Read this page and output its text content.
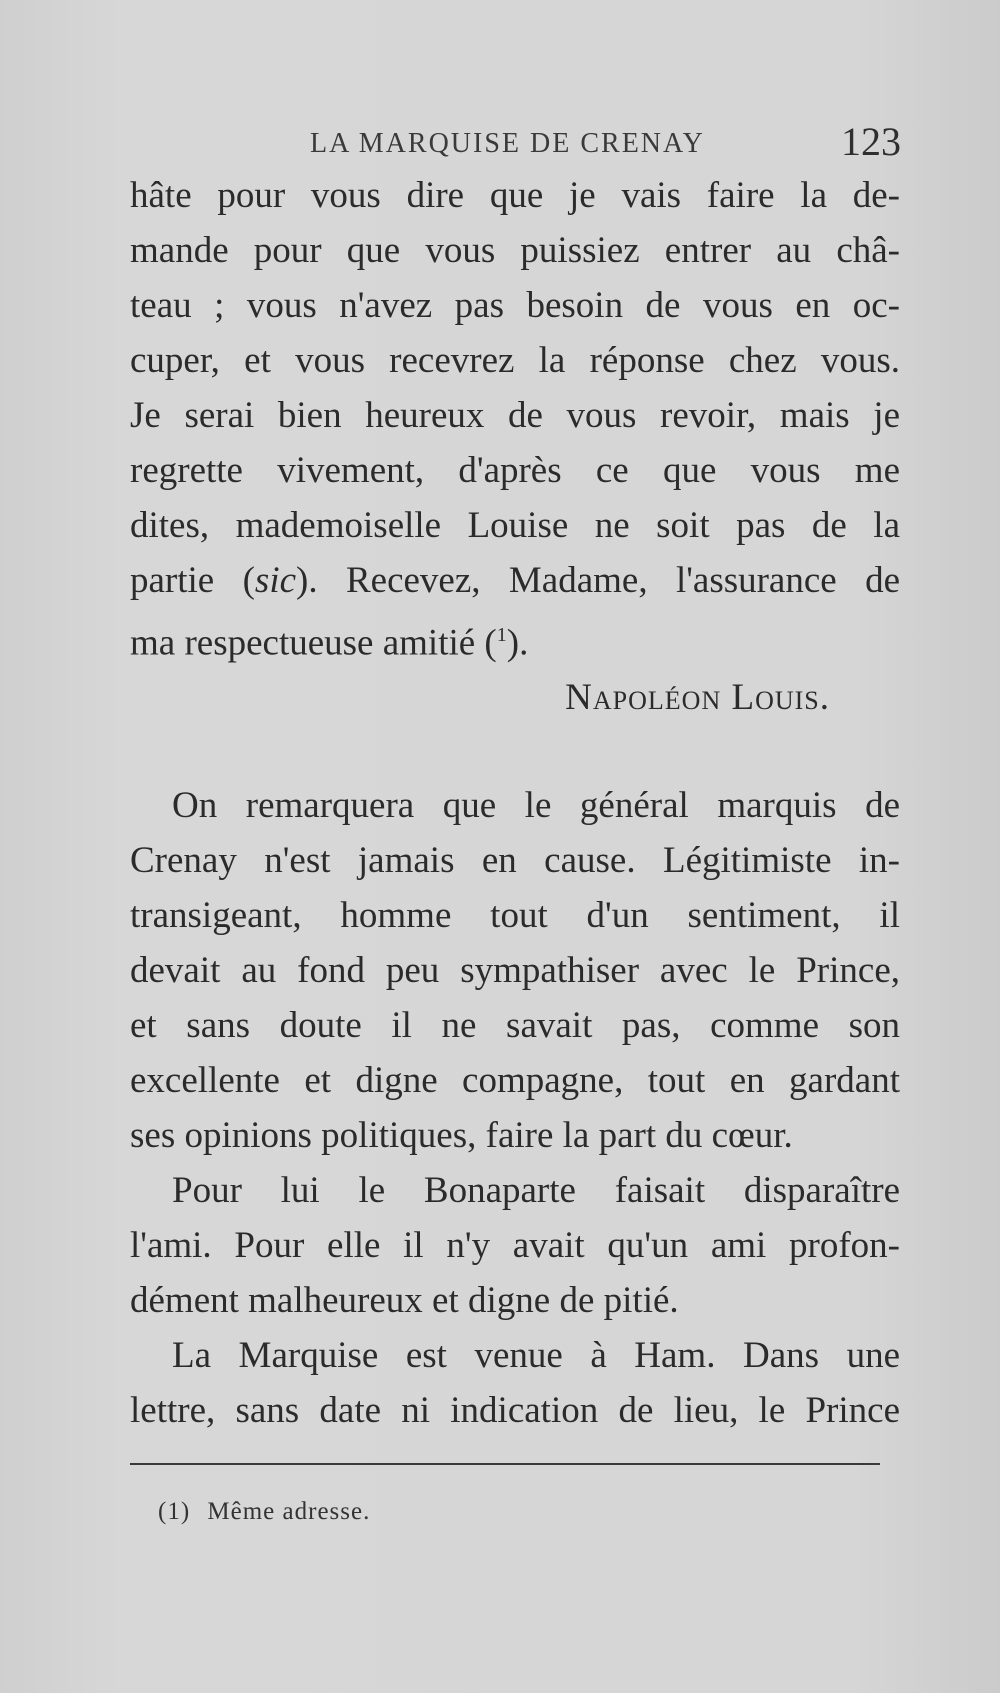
LA MARQUISE DE CRENAY	123
hâte pour vous dire que je vais faire la de-
mande pour que vous puissiez entrer au châ-
teau ; vous n'avez pas besoin de vous en oc-
cuper, et vous recevrez la réponse chez vous.
Je serai bien heureux de vous revoir, mais je
regrette vivement, d'après ce que vous me
dites, mademoiselle Louise ne soit pas de la
partie (sic). Recevez, Madame, l'assurance de
ma respectueuse amitié ($^1$).
Napoléon Louis.
On remarquera que le général marquis de
Crenay n'est jamais en cause. Légitimiste in-
transigeant, homme tout d'un sentiment, il
devait au fond peu sympathiser avec le Prince,
et sans doute il ne savait pas, comme son
excellente et digne compagne, tout en gardant
ses opinions politiques, faire la part du cœur.
Pour lui le Bonaparte faisait disparaître
l'ami. Pour elle il n'y avait qu'un ami profon-
dément malheureux et digne de pitié.
La Marquise est venue à Ham. Dans une
lettre, sans date ni indication de lieu, le Prince
(1) Même adresse.
